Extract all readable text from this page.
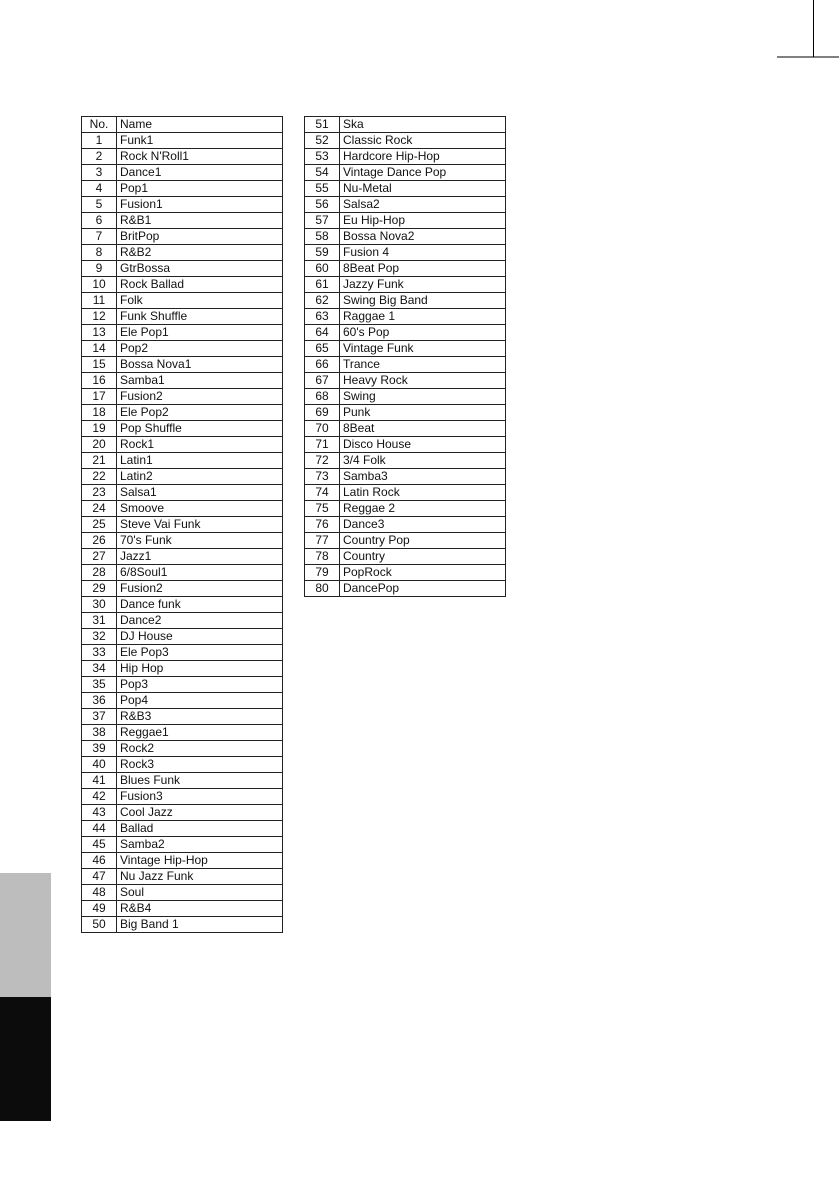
No.	Name
1	Funk1
2	Rock N'Roll1
3	Dance1
4	Pop1
5	Fusion1
6	R&B1
7	BritPop
8	R&B2
9	GtrBossa
10	Rock Ballad
11	Folk
12	Funk Shuffle
13	Ele Pop1
14	Pop2
15	Bossa Nova1
16	Samba1
17	Fusion2
18	Ele Pop2
19	Pop Shuffle
20	Rock1
21	Latin1
22	Latin2
23	Salsa1
24	Smoove
25	Steve Vai Funk
26	70's Funk
27	Jazz1
28	6/8Soul1
29	Fusion2
30	Dance funk
31	Dance2
32	DJ House
33	Ele Pop3
34	Hip Hop
35	Pop3
36	Pop4
37	R&B3
38	Reggae1
39	Rock2
40	Rock3
41	Blues Funk
42	Fusion3
43	Cool Jazz
44	Ballad
45	Samba2
46	Vintage Hip-Hop
47	Nu Jazz Funk
48	Soul
49	R&B4
50	Big Band 1
51	Ska
52	Classic Rock
53	Hardcore Hip-Hop
54	Vintage Dance Pop
55	Nu-Metal
56	Salsa2
57	Eu Hip-Hop
58	Bossa Nova2
59	Fusion 4
60	8Beat Pop
61	Jazzy Funk
62	Swing Big Band
63	Raggae 1
64	60's Pop
65	Vintage Funk
66	Trance
67	Heavy Rock
68	Swing
69	Punk
70	8Beat
71	Disco House
72	3/4 Folk
73	Samba3
74	Latin Rock
75	Reggae 2
76	Dance3
77	Country Pop
78	Country
79	PopRock
80	DancePop
